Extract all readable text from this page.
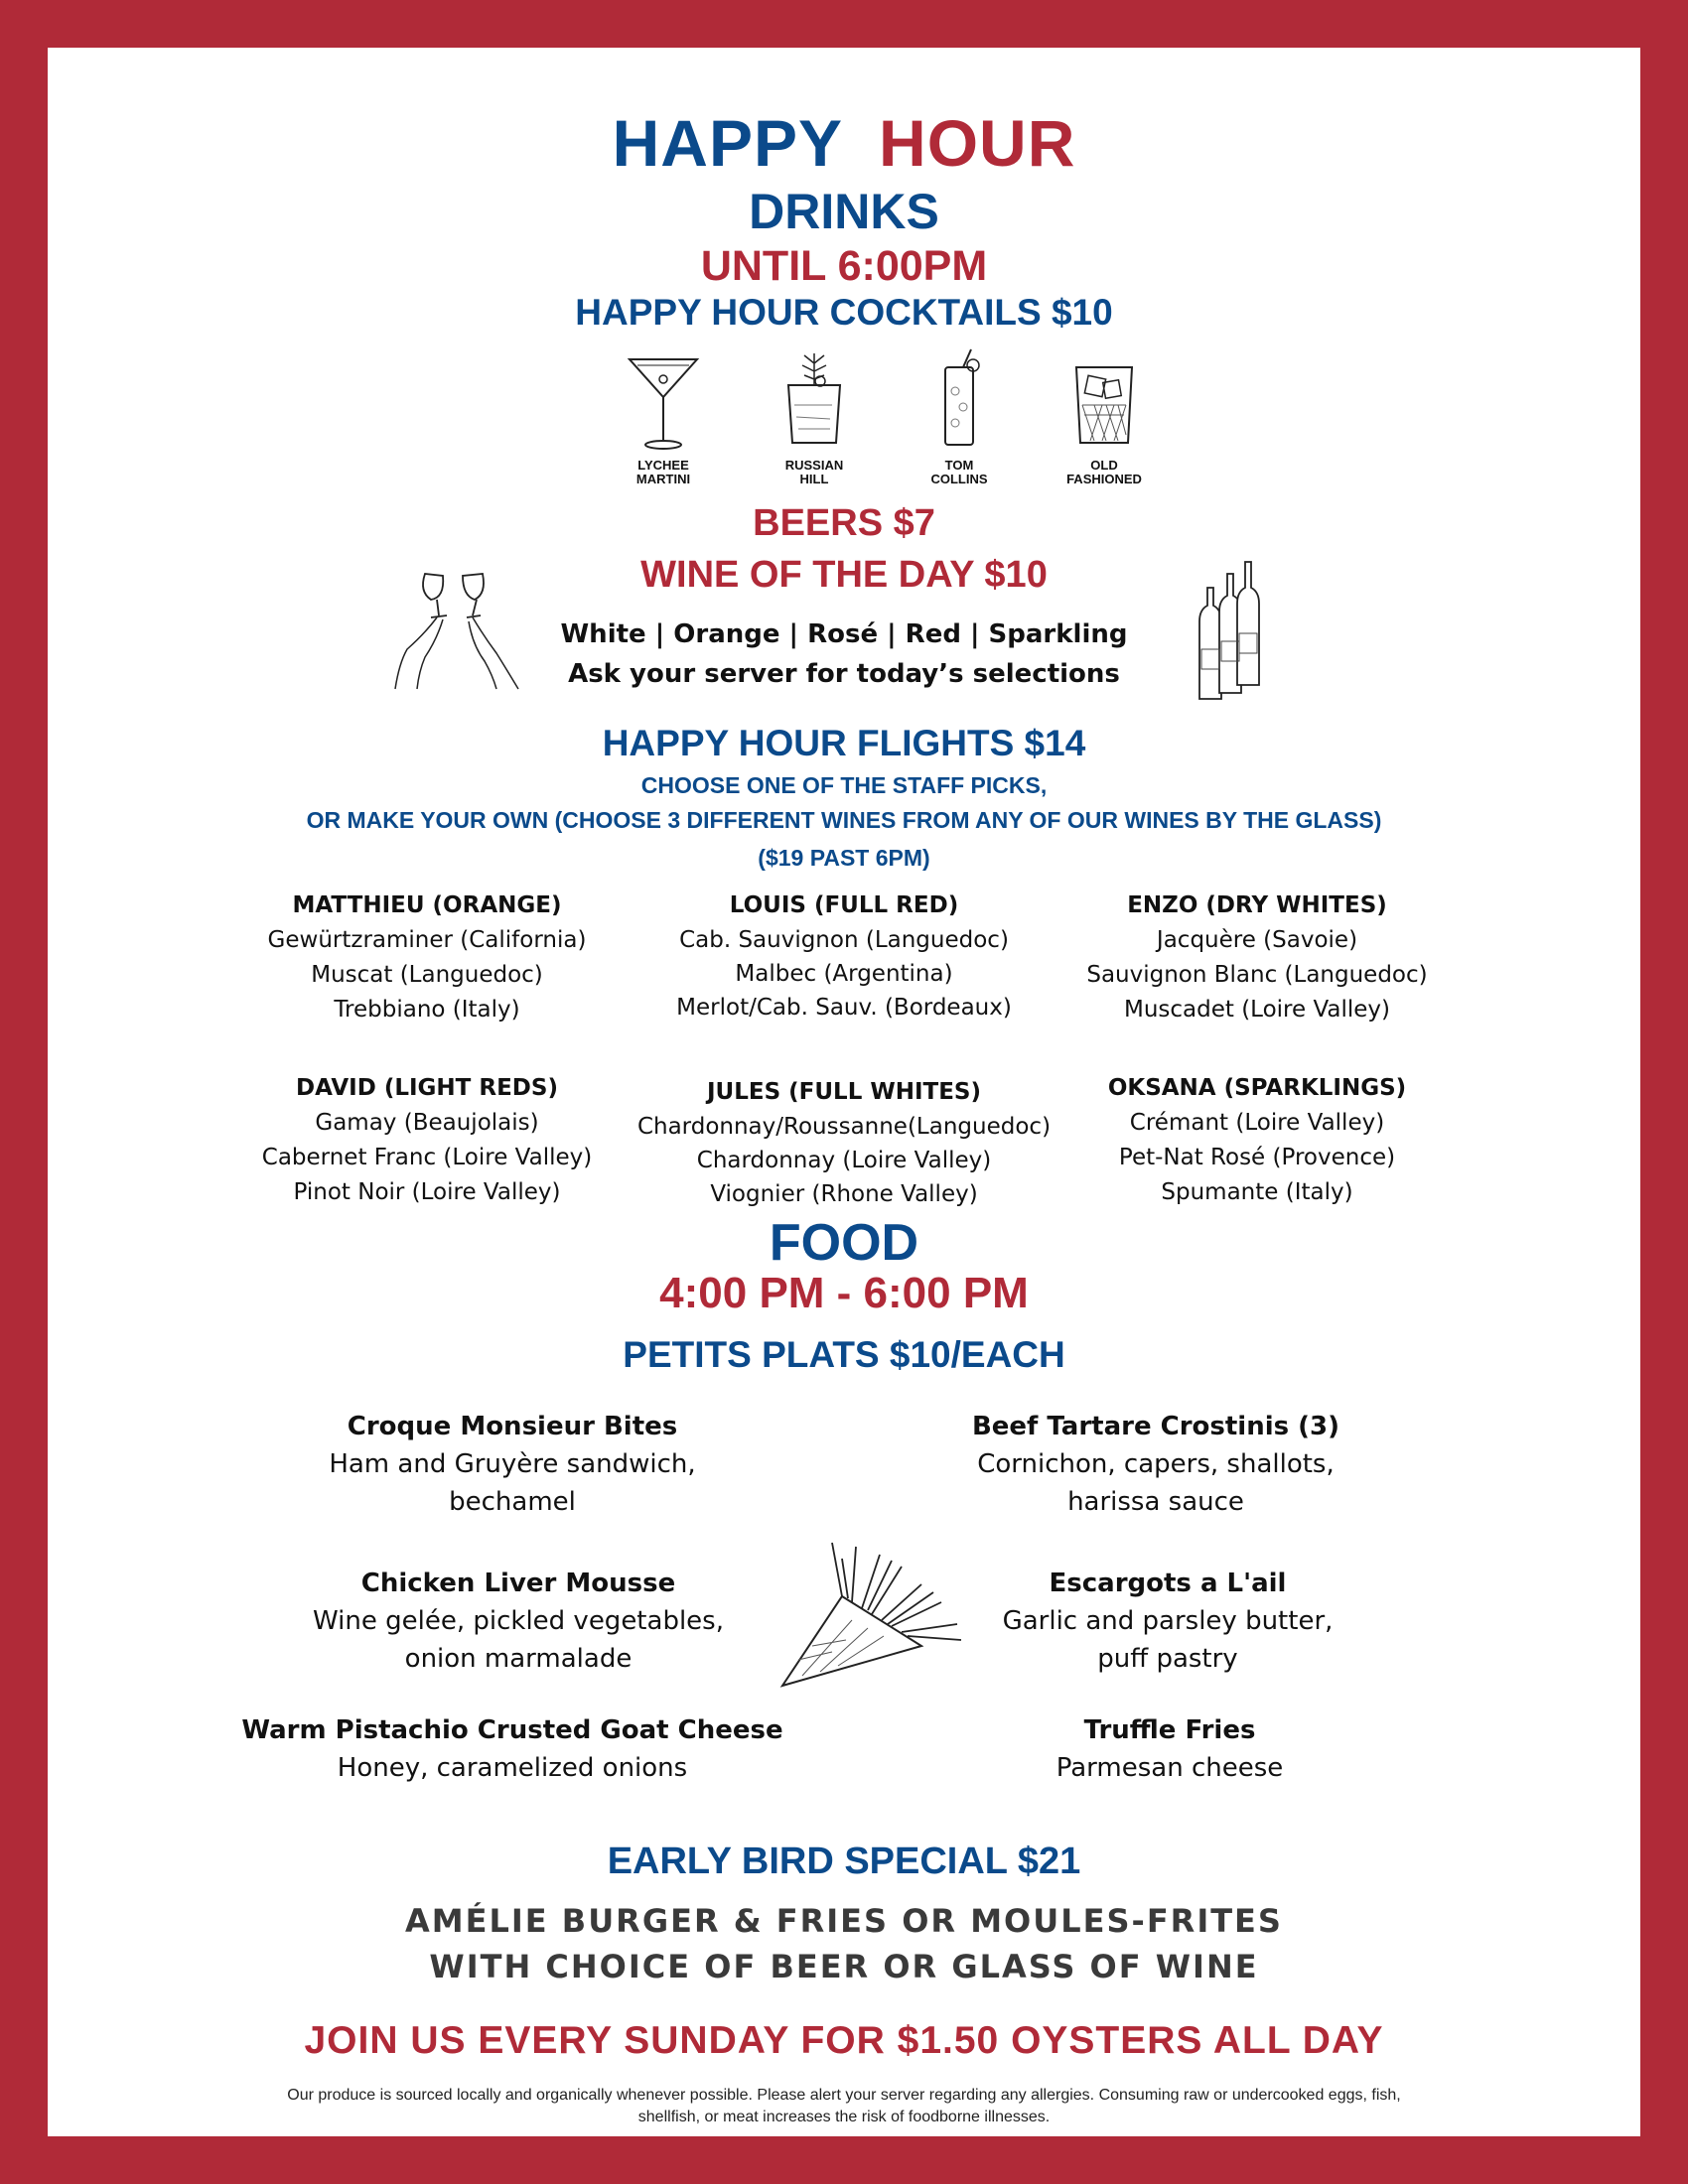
HAPPY HOUR
DRINKS
UNTIL 6:00PM
HAPPY HOUR COCKTAILS $10
LYCHEE
MARTINI
RUSSIAN
HILL
TOM
COLLINS
OLD
FASHIONED
BEERS $7
WINE OF THE DAY $10
White | Orange | Rosé | Red | Sparkling
Ask your server for today’s selections
HAPPY HOUR FLIGHTS $14
CHOOSE ONE OF THE STAFF PICKS,
OR MAKE YOUR OWN (CHOOSE 3 DIFFERENT WINES FROM ANY OF OUR WINES BY THE GLASS)
($19 PAST 6PM)
MATTHIEU (ORANGE)
Gewürtzraminer (California)
Muscat (Languedoc)
Trebbiano (Italy)
LOUIS (FULL RED)
Cab. Sauvignon (Languedoc)
Malbec (Argentina)
Merlot/Cab. Sauv. (Bordeaux)
ENZO (DRY WHITES)
Jacquère (Savoie)
Sauvignon Blanc (Languedoc)
Muscadet (Loire Valley)
DAVID (LIGHT REDS)
Gamay (Beaujolais)
Cabernet Franc (Loire Valley)
Pinot Noir (Loire Valley)
JULES (FULL WHITES)
Chardonnay/Roussanne(Languedoc)
Chardonnay (Loire Valley)
Viognier (Rhone Valley)
OKSANA (SPARKLINGS)
Crémant (Loire Valley)
Pet-Nat Rosé (Provence)
Spumante (Italy)
FOOD
4:00 PM - 6:00 PM
PETITS PLATS $10/EACH
Croque Monsieur Bites
Ham and Gruyère sandwich,
bechamel
Beef Tartare Crostinis (3)
Cornichon, capers, shallots,
harissa sauce
Chicken Liver Mousse
Wine gelée, pickled vegetables,
onion marmalade
Escargots a L'ail
Garlic and parsley butter,
puff pastry
Warm Pistachio Crusted Goat Cheese
Honey, caramelized onions
Truffle Fries
Parmesan cheese
EARLY BIRD SPECIAL $21
AMÉLIE BURGER & FRIES OR MOULES-FRITES
WITH CHOICE OF BEER OR GLASS OF WINE
JOIN US EVERY SUNDAY FOR $1.50 OYSTERS ALL DAY
Our produce is sourced locally and organically whenever possible. Please alert your server regarding any allergies. Consuming raw or undercooked eggs, fish,
shellfish, or meat increases the risk of foodborne illnesses.
